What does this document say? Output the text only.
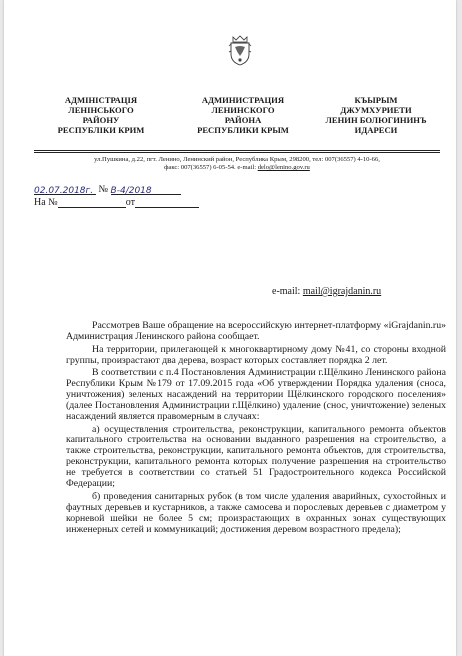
АДМІНІСТРАЦІЯ
ЛЕНІНСЬКОГО
РАЙОНУ
РЕСПУБЛІКИ КРИМ
АДМИНИСТРАЦИЯ
ЛЕНИНСКОГО
РАЙОНА
РЕСПУБЛИКИ КРЫМ
КЪЫРЫМ
ДЖУМХУРИЕТИ
ЛЕНИН БОЛЮГИНИНЪ
ИДАРЕСИ
ул.Пушкина, д.22, пгт. Ленино, Ленинский район, Республика Крым, 298200, тел: 007(36557) 4-10-66,
факс: 007(36557) 6-05-54. e-mail: delo@lenino.gov.ru
02.07.2018г. № В-4/2018
На №	от
e-mail: mail@igrajdanin.ru

Рассмотрев Ваше обращение на всероссийскую интернет-платформу «iGrajdanin.ru» Администрация Ленинского района сообщает.

На территории, прилегающей к многоквартирному дому №41, со стороны входной группы, произрастают два дерева, возраст которых составляет порядка 2 лет.

В соответствии с п.4 Постановления Администрации г.Щёлкино Ленинского района Республики Крым №179 от 17.09.2015 года «Об утверждении Порядка удаления (сноса, уничтожения) зеленых насаждений на территории Щёлкинского городского поселения» (далее Постановления Администрации г.Щёлкино) удаление (снос, уничтожение) зеленых насаждений является правомерным в случаях:

а) осуществления строительства, реконструкции, капитального ремонта объектов капитального строительства на основании выданного разрешения на строительство, а также строительства, реконструкции, капитального ремонта объектов, для строительства, реконструкции, капитального ремонта которых получение разрешения на строительство не требуется в соответствии со статьей 51 Градостроительного кодекса Российской Федерации;

б) проведения санитарных рубок (в том числе удаления аварийных, сухостойных и фаутных деревьев и кустарников, а также самосева и порослевых деревьев с диаметром у корневой шейки не более 5 см; произрастающих в охранных зонах существующих инженерных сетей и коммуникаций; достижения деревом возрастного предела);
